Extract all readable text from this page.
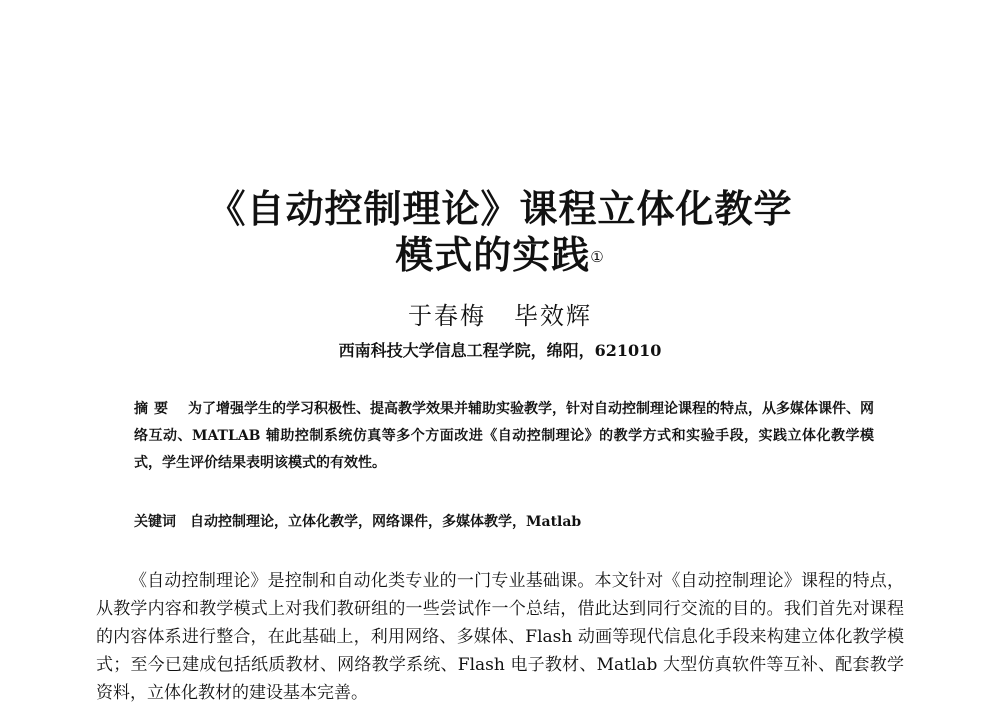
《自动控制理论》课程立体化教学
模式的实践①
于春梅 毕效辉
西南科技大学信息工程学院，绵阳，621010
摘要 为了增强学生的学习积极性、提高教学效果并辅助实验教学，针对自动控制理论课程的特点，从多媒体课件、网络互动、MATLAB 辅助控制系统仿真等多个方面改进《自动控制理论》的教学方式和实验手段，实践立体化教学模式，学生评价结果表明该模式的有效性。
关键词 自动控制理论，立体化教学，网络课件，多媒体教学，Matlab

《自动控制理论》是控制和自动化类专业的一门专业基础课。本文针对《自动控制理论》课程的特点，从教学内容和教学模式上对我们教研组的一些尝试作一个总结，借此达到同行交流的目的。我们首先对课程的内容体系进行整合，在此基础上，利用网络、多媒体、Flash 动画等现代信息化手段来构建立体化教学模式；至今已建成包括纸质教材、网络教学系统、Flash 电子教材、Matlab 大型仿真软件等互补、配套教学资料，立体化教材的建设基本完善。
